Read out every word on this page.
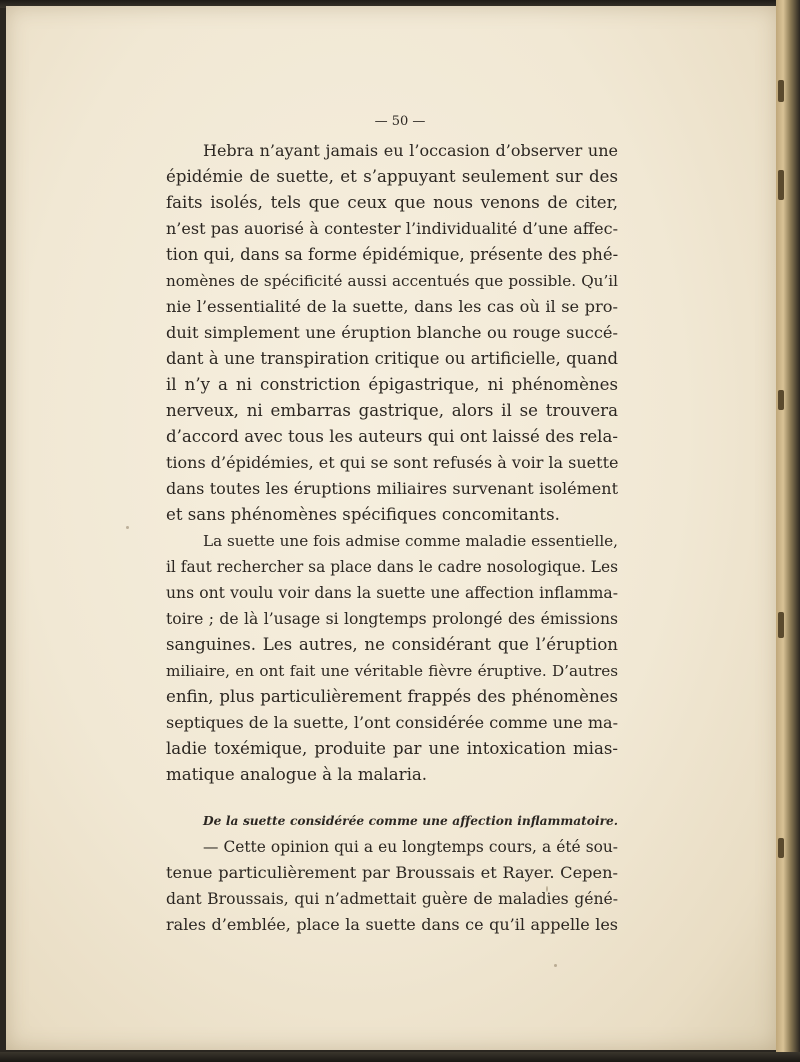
— 50 —
Hebra n’ayant jamais eu l’occasion d’observer une
épidémie de suette, et s’appuyant seulement sur des
faits isolés, tels que ceux que nous venons de citer,
n’est pas auorisé à contester l’individualité d’une affec-
tion qui, dans sa forme épidémique, présente des phé-
nomènes de spécificité aussi accentués que possible. Qu’il
nie l’essentialité de la suette, dans les cas où il se pro-
duit simplement une éruption blanche ou rouge succé-
dant à une transpiration critique ou artificielle, quand
il n’y a ni constriction épigastrique, ni phénomènes
nerveux, ni embarras gastrique, alors il se trouvera
d’accord avec tous les auteurs qui ont laissé des rela-
tions d’épidémies, et qui se sont refusés à voir la suette
dans toutes les éruptions miliaires survenant isolément
et sans phénomènes spécifiques concomitants.
La suette une fois admise comme maladie essentielle,
il faut rechercher sa place dans le cadre nosologique. Les
uns ont voulu voir dans la suette une affection inflamma-
toire ; de là l’usage si longtemps prolongé des émissions
sanguines. Les autres, ne considérant que l’éruption
miliaire, en ont fait une véritable fièvre éruptive. D’autres
enfin, plus particulièrement frappés des phénomènes
septiques de la suette, l’ont considérée comme une ma-
ladie toxémique, produite par une intoxication mias-
matique analogue à la malaria.
De la suette considérée comme une affection inflammatoire.
— Cette opinion qui a eu longtemps cours, a été sou-
tenue particulièrement par Broussais et Rayer. Cepen-
dant Broussais, qui n’admettait guère de maladies géné-
rales d’emblée, place la suette dans ce qu’il appelle les
